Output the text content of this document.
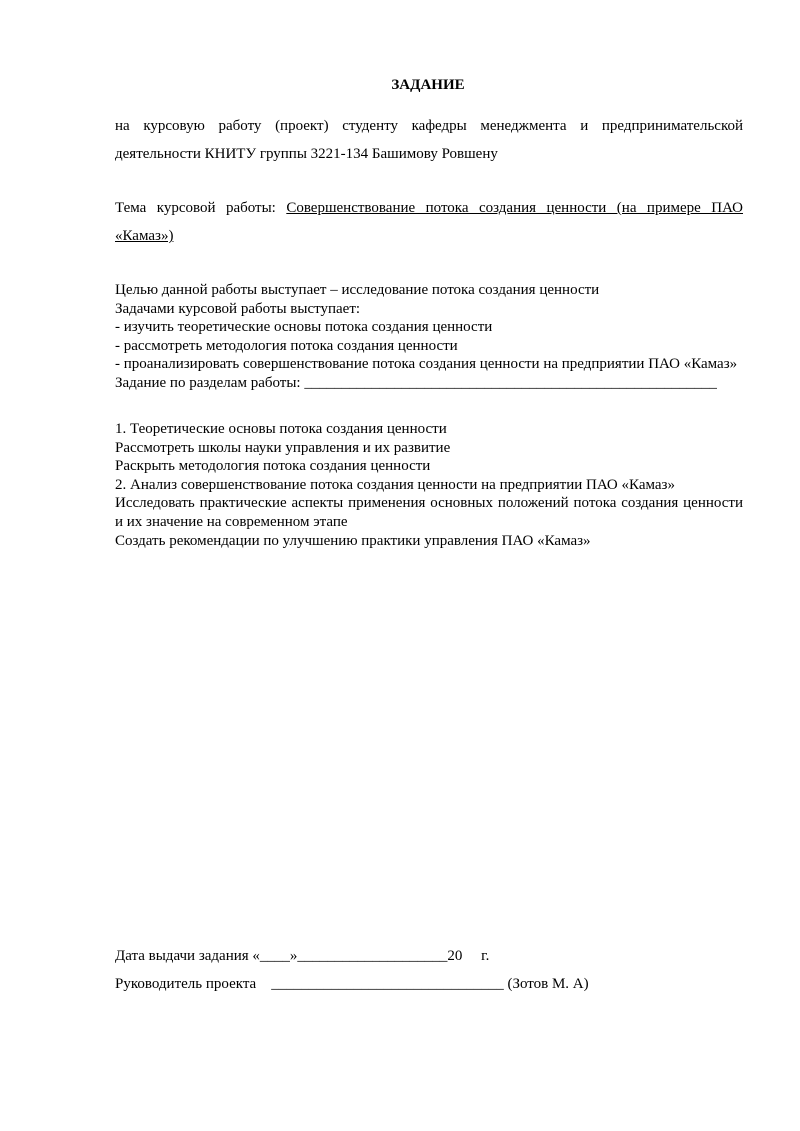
ЗАДАНИЕ
на курсовую работу (проект) студенту кафедры менеджмента и предпринимательской деятельности КНИТУ группы 3221-134 Башимову Ровшену
Тема курсовой работы: Совершенствование потока создания ценности (на примере ПАО «Камаз»)
Целью данной работы выступает – исследование потока создания ценности
Задачами курсовой работы выступает:
- изучить теоретические основы потока создания ценности
- рассмотреть методология потока создания ценности
- проанализировать совершенствование потока создания ценности на предприятии ПАО «Камаз»
Задание по разделам работы: _______________________________________________________
1. Теоретические основы потока создания ценности
Рассмотреть школы науки управления и их развитие
Раскрыть методология потока создания ценности
2. Анализ совершенствование потока создания ценности на предприятии ПАО «Камаз»
Исследовать практические аспекты применения основных положений потока создания ценности и их значение на современном этапе
Создать рекомендации по улучшению практики управления ПАО «Камаз»
Дата выдачи задания «____»____________________20     г.
Руководитель проекта    _______________________________ (Зотов М. А)
